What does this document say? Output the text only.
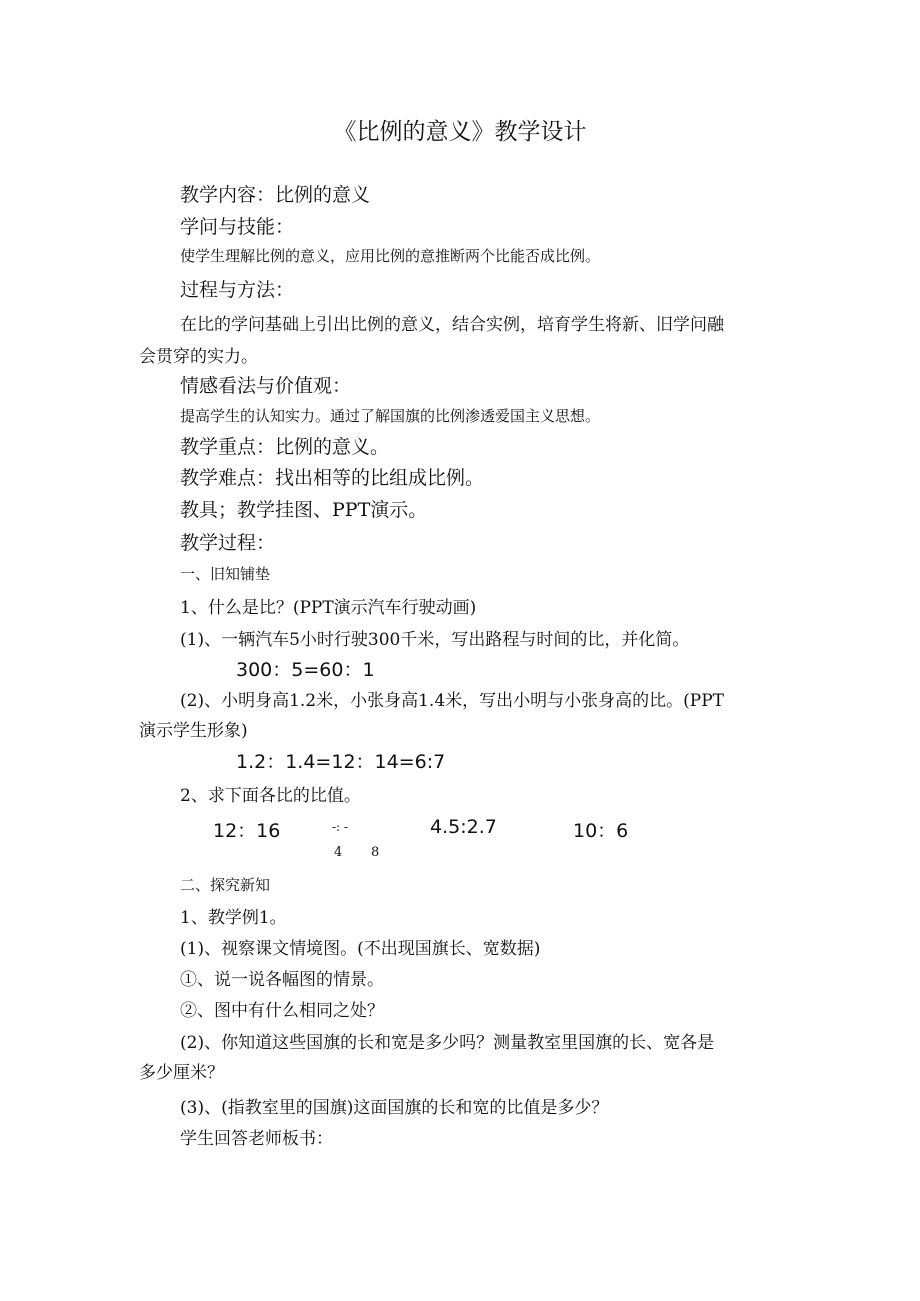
《比例的意义》教学设计
教学内容：比例的意义
学问与技能：
使学生理解比例的意义，应用比例的意推断两个比能否成比例。
过程与方法：
在比的学问基础上引出比例的意义，结合实例，培育学生将新、旧学问融
会贯穿的实力。
情感看法与价值观：
提高学生的认知实力。通过了解国旗的比例渗透爱国主义思想。
教学重点：比例的意义。
教学难点：找出相等的比组成比例。
教具；教学挂图、PPT演示。
教学过程：
一、旧知铺垫
1、什么是比？(PPT演示汽车行驶动画)
(1)、一辆汽车5小时行驶300千米，写出路程与时间的比，并化简。
300：5=60：1
(2)、小明身高1.2米，小张身高1.4米，写出小明与小张身高的比。(PPT
演示学生形象)
1.2：1.4=12：14=6:7
2、求下面各比的比值。
12：16	-: -
4 8
4.5:2.7	10：6
二、探究新知
1、教学例1。
(1)、视察课文情境图。(不出现国旗长、宽数据)
①、说一说各幅图的情景。
②、图中有什么相同之处？
(2)、你知道这些国旗的长和宽是多少吗？测量教室里国旗的长、宽各是
多少厘米？
(3)、(指教室里的国旗)这面国旗的长和宽的比值是多少？
学生回答老师板书：
